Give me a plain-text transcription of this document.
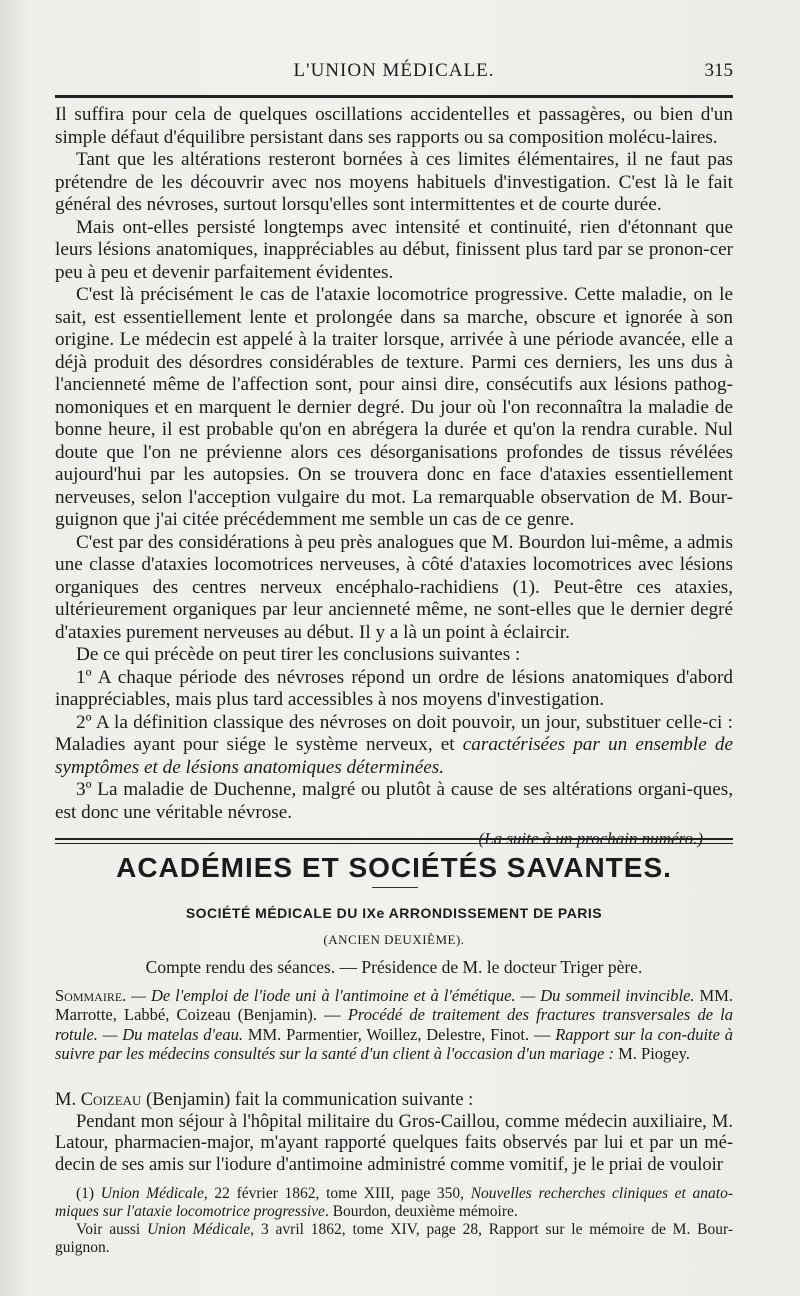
L'UNION MÉDICALE.	315

Il suffira pour cela de quelques oscillations accidentelles et passagères, ou bien d'un simple défaut d'équilibre persistant dans ses rapports ou sa composition molécu-laires.

Tant que les altérations resteront bornées à ces limites élémentaires, il ne faut pas prétendre de les découvrir avec nos moyens habituels d'investigation. C'est là le fait général des névroses, surtout lorsqu'elles sont intermittentes et de courte durée.

Mais ont-elles persisté longtemps avec intensité et continuité, rien d'étonnant que leurs lésions anatomiques, inappréciables au début, finissent plus tard par se pronon-cer peu à peu et devenir parfaitement évidentes.

C'est là précisément le cas de l'ataxie locomotrice progressive. Cette maladie, on le sait, est essentiellement lente et prolongée dans sa marche, obscure et ignorée à son origine. Le médecin est appelé à la traiter lorsque, arrivée à une période avancée, elle a déjà produit des désordres considérables de texture. Parmi ces derniers, les uns dus à l'ancienneté même de l'affection sont, pour ainsi dire, consécutifs aux lésions pathog-nomoniques et en marquent le dernier degré. Du jour où l'on reconnaîtra la maladie de bonne heure, il est probable qu'on en abrégera la durée et qu'on la rendra curable. Nul doute que l'on ne prévienne alors ces désorganisations profondes de tissus révélées aujourd'hui par les autopsies. On se trouvera donc en face d'ataxies essentiellement nerveuses, selon l'acception vulgaire du mot. La remarquable observation de M. Bour-guignon que j'ai citée précédemment me semble un cas de ce genre.

C'est par des considérations à peu près analogues que M. Bourdon lui-même, a admis une classe d'ataxies locomotrices nerveuses, à côté d'ataxies locomotrices avec lésions organiques des centres nerveux encéphalo-rachidiens (1). Peut-être ces ataxies, ultérieurement organiques par leur ancienneté même, ne sont-elles que le dernier degré d'ataxies purement nerveuses au début. Il y a là un point à éclaircir.

De ce qui précède on peut tirer les conclusions suivantes :

1º A chaque période des névroses répond un ordre de lésions anatomiques d'abord inappréciables, mais plus tard accessibles à nos moyens d'investigation.

2º A la définition classique des névroses on doit pouvoir, un jour, substituer celle-ci : Maladies ayant pour siége le système nerveux, et caractérisées par un ensemble de symptômes et de lésions anatomiques déterminées.

3º La maladie de Duchenne, malgré ou plutôt à cause de ses altérations organi-ques, est donc une véritable névrose.

(La suite à un prochain numéro.)
ACADÉMIES ET SOCIÉTÉS SAVANTES.
SOCIÉTÉ MÉDICALE DU IXe ARRONDISSEMENT DE PARIS
(ANCIEN DEUXIÈME).
Compte rendu des séances. — Présidence de M. le docteur Triger père.
Sommaire. — De l'emploi de l'iode uni à l'antimoine et à l'émétique. — Du sommeil invincible. MM. Marrotte, Labbé, Coizeau (Benjamin). — Procédé de traitement des fractures transversales de la rotule. — Du matelas d'eau. MM. Parmentier, Woillez, Delestre, Finot. — Rapport sur la con-duite à suivre par les médecins consultés sur la santé d'un client à l'occasion d'un mariage : M. Piogey.

M. Coizeau (Benjamin) fait la communication suivante :

Pendant mon séjour à l'hôpital militaire du Gros-Caillou, comme médecin auxiliaire, M. Latour, pharmacien-major, m'ayant rapporté quelques faits observés par lui et par un mé-decin de ses amis sur l'iodure d'antimoine administré comme vomitif, je le priai de vouloir

(1) Union Médicale, 22 février 1862, tome XIII, page 350, Nouvelles recherches cliniques et anato-miques sur l'ataxie locomotrice progressive. Bourdon, deuxième mémoire.

Voir aussi Union Médicale, 3 avril 1862, tome XIV, page 28, Rapport sur le mémoire de M. Bour-guignon.
